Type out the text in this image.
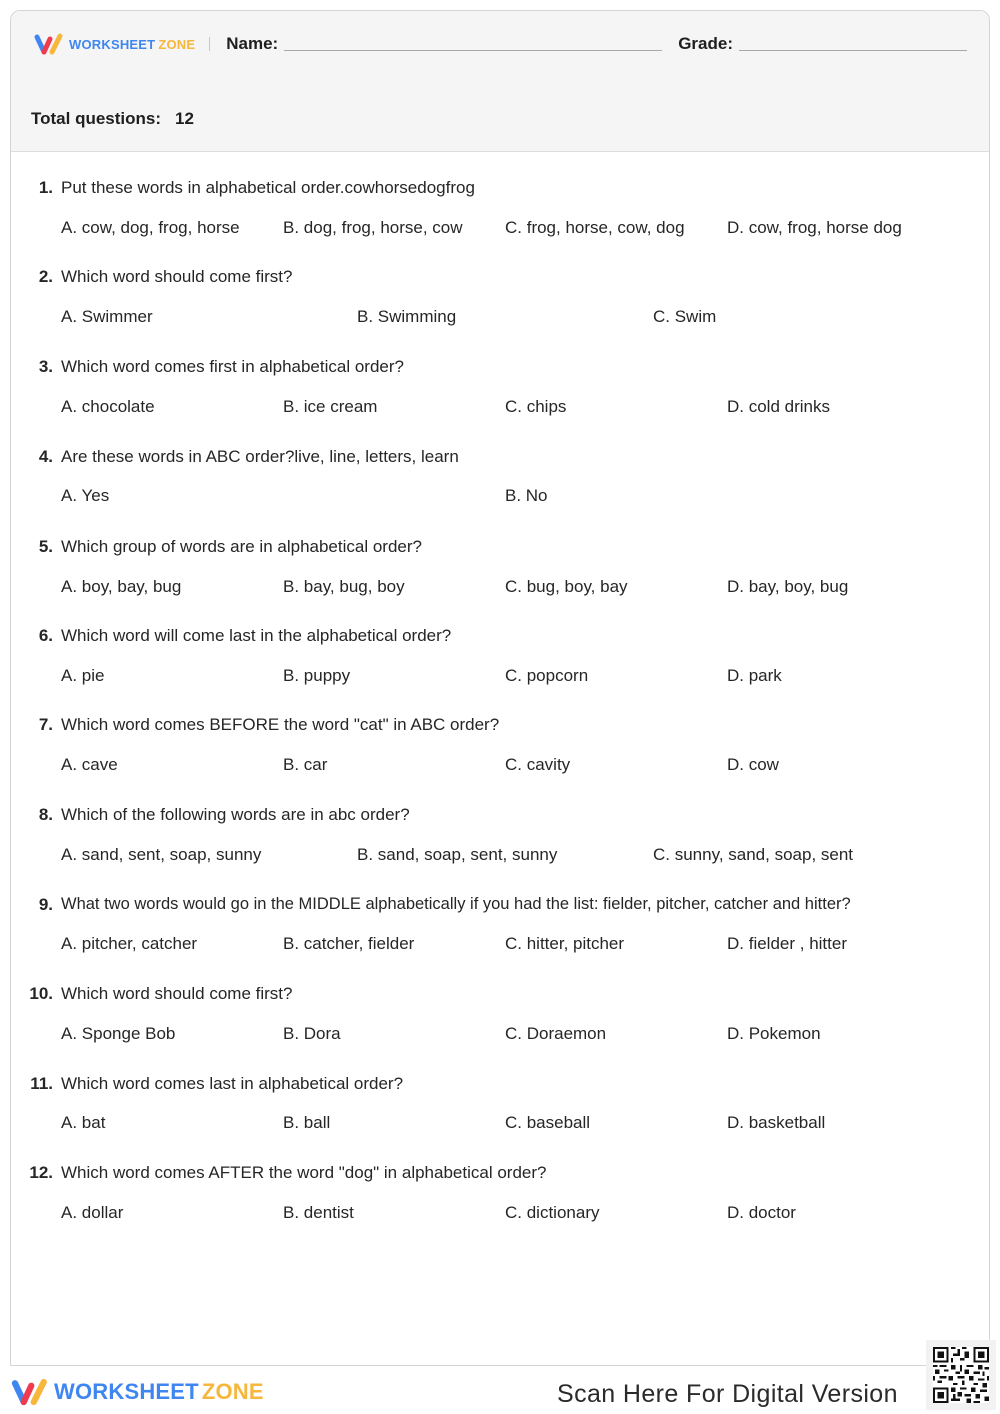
WORKSHEET ZONE Name:	Grade:
Total questions: 12
1. Put these words in alphabetical order.cowhorsedogfrog
A. cow, dog, frog, horse	B. dog, frog, horse, cow C. frog, horse, cow, dog D. cow, frog, horse dog
2. Which word should come first?
A. Swimmer	B. Swimming	C. Swim
3. Which word comes first in alphabetical order?
A. chocolate	B. ice cream	C. chips	D. cold drinks
4. Are these words in ABC order?live, line, letters, learn
A. Yes	B. No
5. Which group of words are in alphabetical order?
A. boy, bay, bug	B. bay, bug, boy	C. bug, boy, bay	D. bay, boy, bug
6. Which word will come last in the alphabetical order?
A. pie	B. puppy	C. popcorn	D. park
7. Which word comes BEFORE the word "cat" in ABC order?
A. cave	B. car	C. cavity	D. cow
8. Which of the following words are in abc order?
A. sand, sent, soap, sunny	B. sand, soap, sent, sunny	C. sunny, sand, soap, sent
9. What two words would go in the MIDDLE alphabetically if you had the list: fielder, pitcher, catcher and hitter?
A. pitcher, catcher	B. catcher, fielder	C. hitter, pitcher	D. fielder , hitter
10. Which word should come first?
A. Sponge Bob	B. Dora	C. Doraemon	D. Pokemon
11. Which word comes last in alphabetical order?
A. bat	B. ball	C. baseball	D. basketball
12. Which word comes AFTER the word "dog" in alphabetical order?
A. dollar	B. dentist	C. dictionary	D. doctor
WORKSHEET ZONE	Scan Here For Digital Version
